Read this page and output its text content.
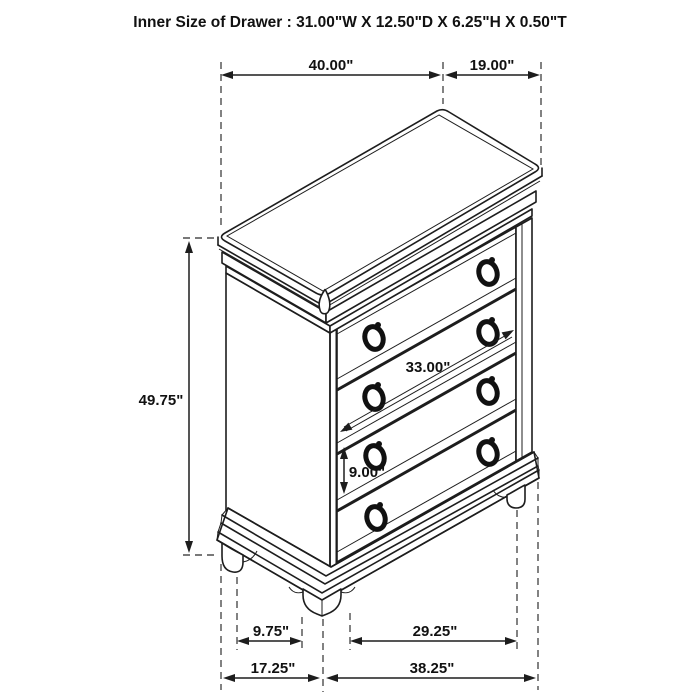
Inner Size of Drawer : 31.00"W X 12.50"D X 6.25"H X 0.50"T
40.00"	19.00"
49.75"
33.00"
9.00"
9.75"	29.25"
17.25"	38.25"
